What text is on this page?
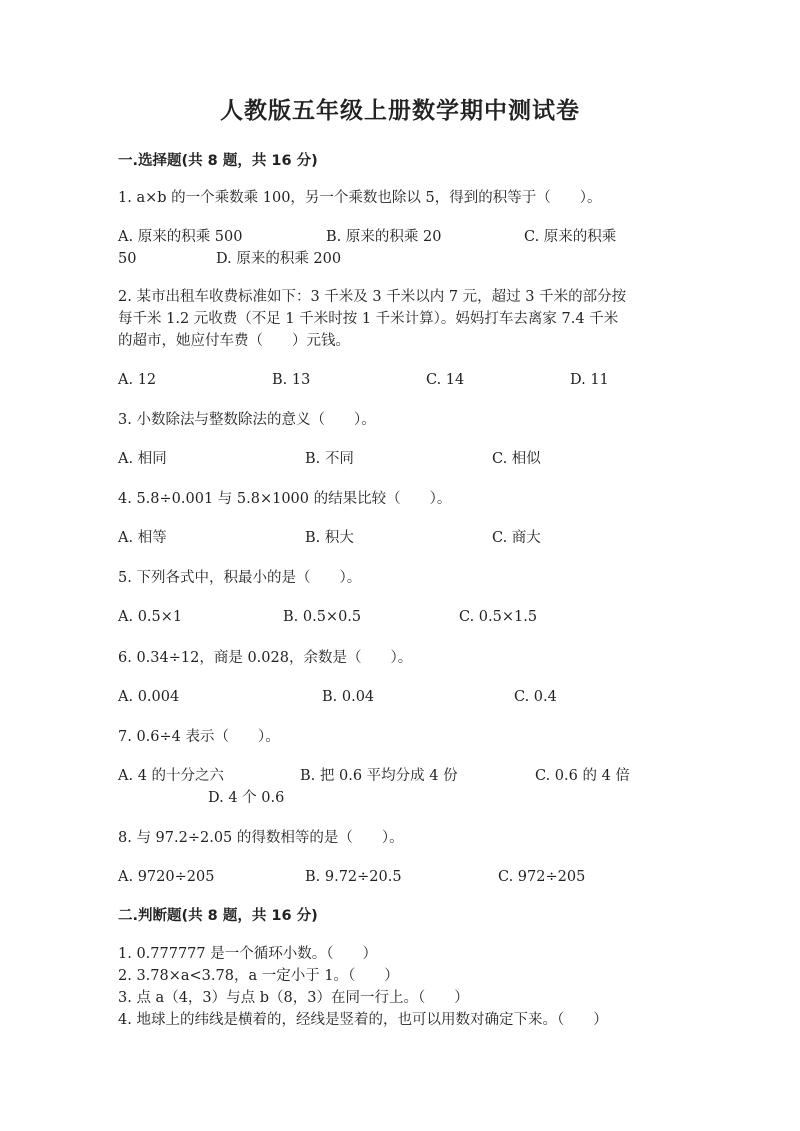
人教版五年级上册数学期中测试卷
一.选择题(共 8 题，共 16 分)
1. a×b 的一个乘数乘 100，另一个乘数也除以 5，得到的积等于（　　）。
A. 原来的积乘 500	B. 原来的积乘 20	C. 原来的积乘
50	D. 原来的积乘 200
2. 某市出租车收费标准如下：3 千米及 3 千米以内 7 元，超过 3 千米的部分按
每千米 1.2 元收费（不足 1 千米时按 1 千米计算）。妈妈打车去离家 7.4 千米
的超市，她应付车费（　　）元钱。
A. 12	B. 13	C. 14	D. 11
3. 小数除法与整数除法的意义（　　）。
A. 相同	B. 不同	C. 相似
4. 5.8÷0.001 与 5.8×1000 的结果比较（　　）。
A. 相等	B. 积大	C. 商大
5. 下列各式中，积最小的是（　　）。
A. 0.5×1	B. 0.5×0.5	C. 0.5×1.5
6. 0.34÷12，商是 0.028，余数是（　　）。
A. 0.004	B. 0.04	C. 0.4
7. 0.6÷4 表示（　　）。
A. 4 的十分之六	B. 把 0.6 平均分成 4 份	C. 0.6 的 4 倍
D. 4 个 0.6
8. 与 97.2÷2.05 的得数相等的是（　　）。
A. 9720÷205	B. 9.72÷20.5	C. 972÷205
二.判断题(共 8 题，共 16 分)
1. 0.777777 是一个循环小数。（　　）
2. 3.78×a<3.78，a 一定小于 1。（　　）
3. 点 a（4，3）与点 b（8，3）在同一行上。（　　）
4. 地球上的纬线是横着的，经线是竖着的，也可以用数对确定下来。（　　）
